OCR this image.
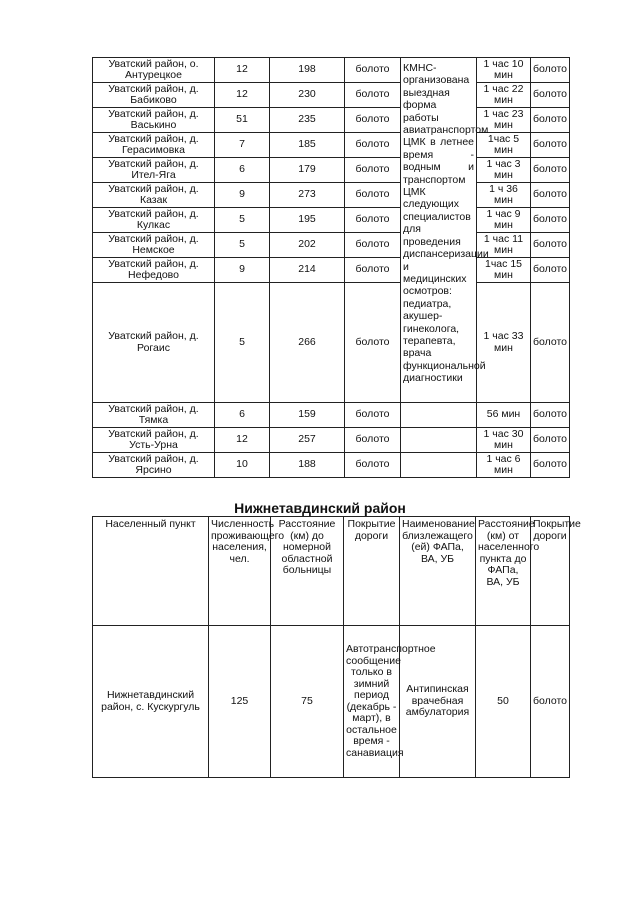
Уватский район, о. Антурецкое	12	198	болото	КМНС-организована выездная форма работы авиатранспортом ЦМК в летнее время - водным и транспортом ЦМК следующих специалистов для проведения диспансеризации и медицинских осмотров: педиатра, акушер-гинеколога, терапевта, врача функциональной диагностики	1 час 10 мин	болото
Уватский район, д. Бабиково	12	230	болото		1 час 22 мин	болото
Уватский район, д. Васькино	51	235	болото		1 час 23 мин	болото
Уватский район, д. Герасимовка	7	185	болото		1час 5 мин	болото
Уватский район, д. Ител-Яга	6	179	болото		1 час 3 мин	болото
Уватский район, д. Казак	9	273	болото		1 ч 36 мин	болото
Уватский район, д. Кулкас	5	195	болото		1 час 9 мин	болото
Уватский район, д. Немское	5	202	болото		1 час 11 мин	болото
Уватский район, д. Нефедово	9	214	болото		1час 15 мин	болото
Уватский район, д. Рогаис	5	266	болото		1 час 33 мин	болото
Уватский район, д. Тямка	6	159	болото		56 мин	болото
Уватский район, д. Усть-Урна	12	257	болото		1 час 30 мин	болото
Уватский район, д. Ярсино	10	188	болото		1 час 6 мин	болото
Нижнетавдинский район
Населенный пункт	Численность проживающего населения, чел.	Расстояние (км) до номерной областной больницы	Покрытие дороги	Наименование близлежащего (ей) ФАПа, ВА, УБ	Расстояние (км) от населенного пункта до ФАПа, ВА, УБ	Покрытие дороги
Нижнетавдинский район, с. Кускургуль	125	75	Автотранспортное сообщение только в зимний период (декабрь - март), в остальное время - санавиация	Антипинская врачебная амбулатория	50	болото
